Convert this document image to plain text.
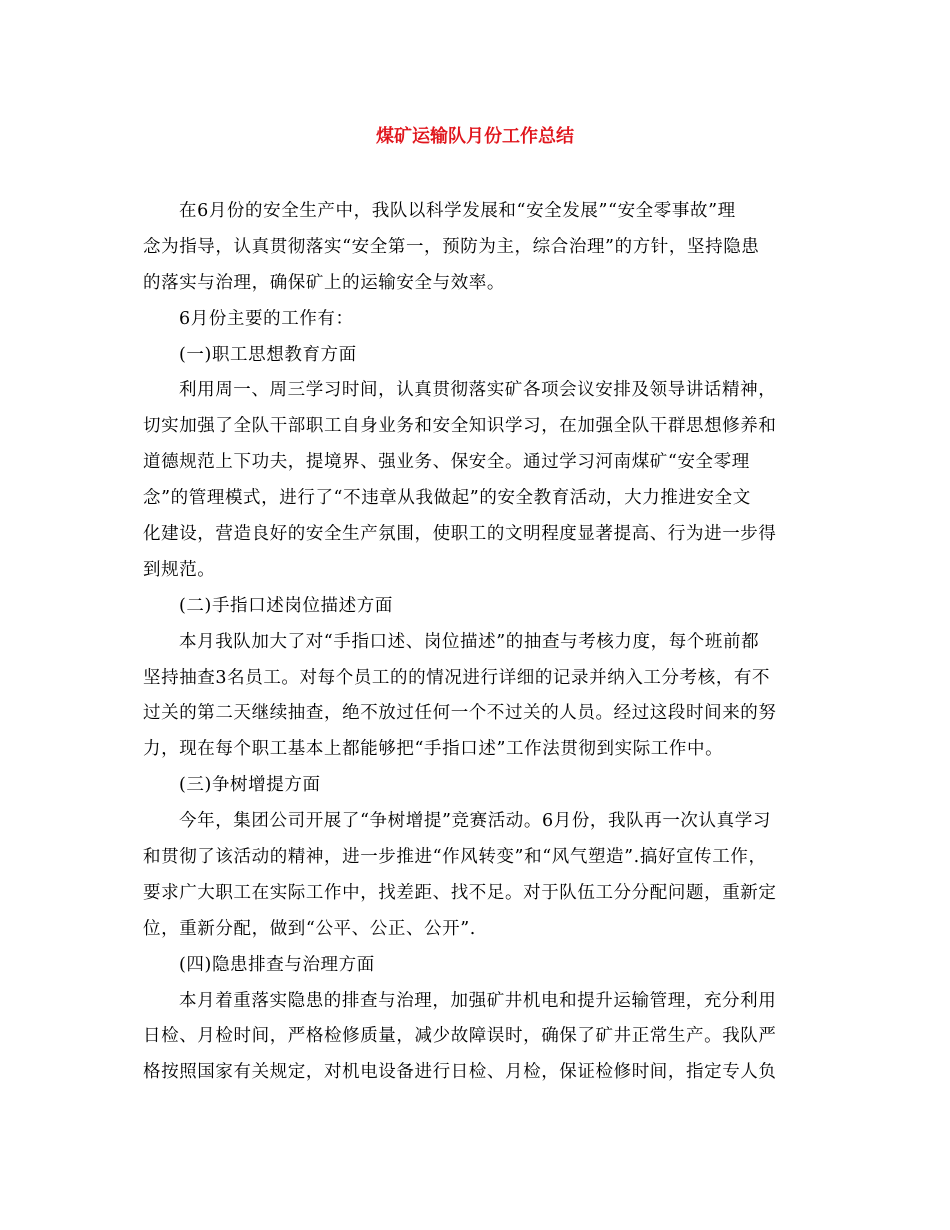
煤矿运输队月份工作总结
在6月份的安全生产中，我队以科学发展和“安全发展”“安全零事故”理
念为指导，认真贯彻落实“安全第一，预防为主，综合治理”的方针，坚持隐患
的落实与治理，确保矿上的运输安全与效率。
6月份主要的工作有：
(一)职工思想教育方面
利用周一、周三学习时间，认真贯彻落实矿各项会议安排及领导讲话精神，
切实加强了全队干部职工自身业务和安全知识学习，在加强全队干群思想修养和
道德规范上下功夫，提境界、强业务、保安全。通过学习河南煤矿“安全零理
念”的管理模式，进行了“不违章从我做起”的安全教育活动，大力推进安全文
化建设，营造良好的安全生产氛围，使职工的文明程度显著提高、行为进一步得
到规范。
(二)手指口述岗位描述方面
本月我队加大了对“手指口述、岗位描述”的抽查与考核力度，每个班前都
坚持抽查3名员工。对每个员工的的情况进行详细的记录并纳入工分考核，有不
过关的第二天继续抽查，绝不放过任何一个不过关的人员。经过这段时间来的努
力，现在每个职工基本上都能够把“手指口述”工作法贯彻到实际工作中。
(三)争树增提方面
今年，集团公司开展了“争树增提”竞赛活动。6月份，我队再一次认真学习
和贯彻了该活动的精神，进一步推进“作风转变”和“风气塑造”.搞好宣传工作，
要求广大职工在实际工作中，找差距、找不足。对于队伍工分分配问题，重新定
位，重新分配，做到“公平、公正、公开”.
(四)隐患排查与治理方面
本月着重落实隐患的排查与治理，加强矿井机电和提升运输管理，充分利用
日检、月检时间，严格检修质量，减少故障误时，确保了矿井正常生产。我队严
格按照国家有关规定，对机电设备进行日检、月检，保证检修时间，指定专人负
